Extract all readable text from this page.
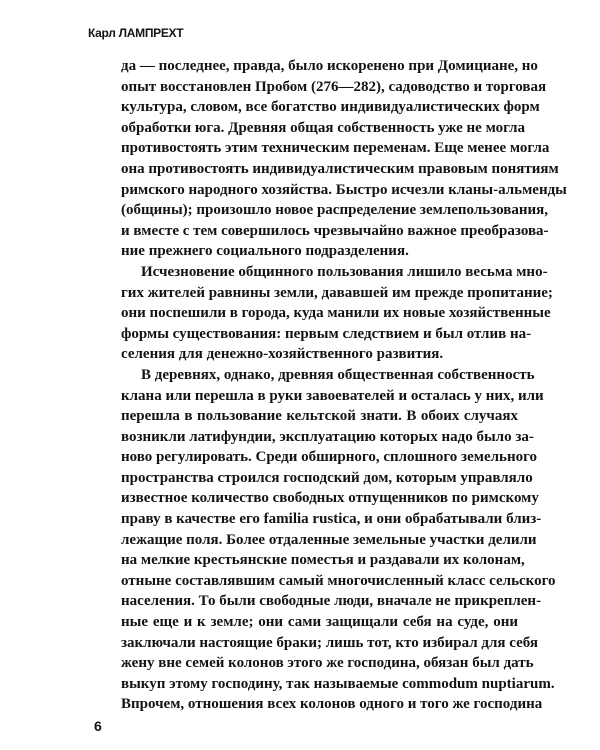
Карл ЛАМПРЕХТ
да — последнее, правда, было искоренено при Домициане, но
опыт восстановлен Пробом (276—282), садоводство и торговая
культура, словом, все богатство индивидуалистических форм
обработки юга. Древняя общая собственность уже не могла
противостоять этим техническим переменам. Еще менее могла
она противостоять индивидуалистическим правовым понятиям
римского народного хозяйства. Быстро исчезли кланы-альменды
(общины); произошло новое распределение землепользования,
и вместе с тем совершилось чрезвычайно важное преобразова-
ние прежнего социального подразделения.
Исчезновение общинного пользования лишило весьма мно-
гих жителей равнины земли, дававшей им прежде пропитание;
они поспешили в города, куда манили их новые хозяйственные
формы существования: первым следствием и был отлив на-
селения для денежно-хозяйственного развития.
В деревнях, однако, древняя общественная собственность
клана или перешла в руки завоевателей и осталась у них, или
перешла в пользование кельтской знати. В обоих случаях
возникли латифундии, эксплуатацию которых надо было за-
ново регулировать. Среди обширного, сплошного земельного
пространства строился господский дом, которым управляло
известное количество свободных отпущенников по римскому
праву в качестве его familia rustica, и они обрабатывали близ-
лежащие поля. Более отдаленные земельные участки делили
на мелкие крестьянские поместья и раздавали их колонам,
отныне составлявшим самый многочисленный класс сельского
населения. То были свободные люди, вначале не прикреплен-
ные еще и к земле; они сами защищали себя на суде, они
заключали настоящие браки; лишь тот, кто избирал для себя
жену вне семей колонов этого же господина, обязан был дать
выкуп этому господину, так называемые commodum nuptiarum.
Впрочем, отношения всех колонов одного и того же господина
6
